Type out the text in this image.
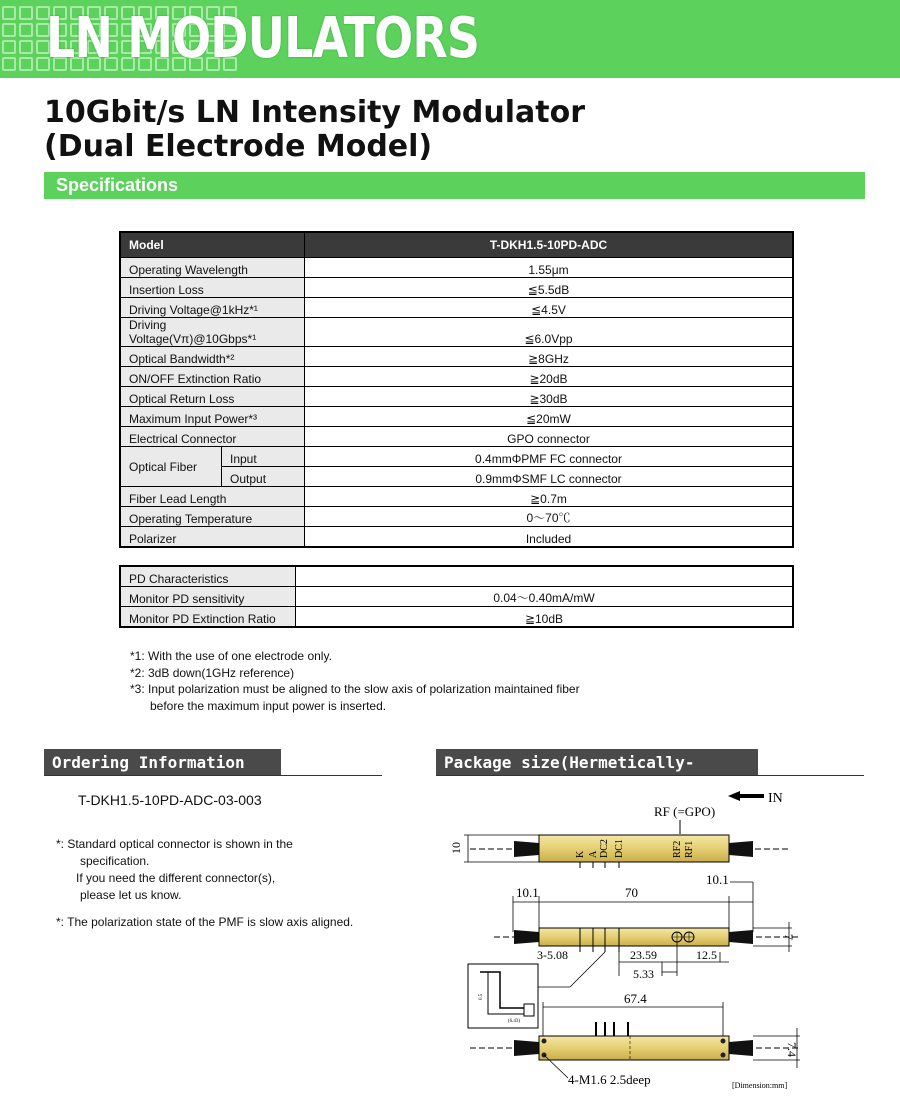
LN MODULATORS
10Gbit/s LN Intensity Modulator
(Dual Electrode Model)
Specifications
Model		T-DKH1.5-10PD-ADC
Operating Wavelength		1.55μm
Insertion Loss		≦5.5dB
Driving Voltage@1kHz*¹		≦4.5V
Driving Voltage(Vπ)@10Gbps*¹		≦6.0Vpp
Optical Bandwidth*²		≧8GHz
ON/OFF Extinction Ratio		≧20dB
Optical Return Loss		≧30dB
Maximum Input Power*³		≦20mW
Electrical Connector		GPO connector
Optical Fiber	Input	0.4mmΦPMF FC connector
	Output	0.9mmΦSMF LC connector
Fiber Lead Length		≧0.7m
Operating Temperature		0〜70℃
Polarizer		Included
PD Characteristics	
Monitor PD sensitivity	0.04〜0.40mA/mW
Monitor PD Extinction Ratio	≧10dB
*1: With the use of one electrode only.
*2: 3dB down(1GHz reference)
*3: Input polarization must be aligned to the slow axis of polarization maintained fiber
before the maximum input power is inserted.
Ordering Information
T-DKH1.5-10PD-ADC-03-003
*: Standard optical connector is shown in the
specification.
If you need the different connector(s),
please let us know.
*: The polarization state of the PMF is slow axis aligned.
Package size(Hermetically-sealed)	IN
RF (=GPO)
10
K A DC2 DC1	RF2 RF1
10.1	70
10.1
7
3-5.08	23.59	12.5
5.33
0.5
(6.43)
67.4
7.4
4-M1.6 2.5deep	[Dimension:mm]
